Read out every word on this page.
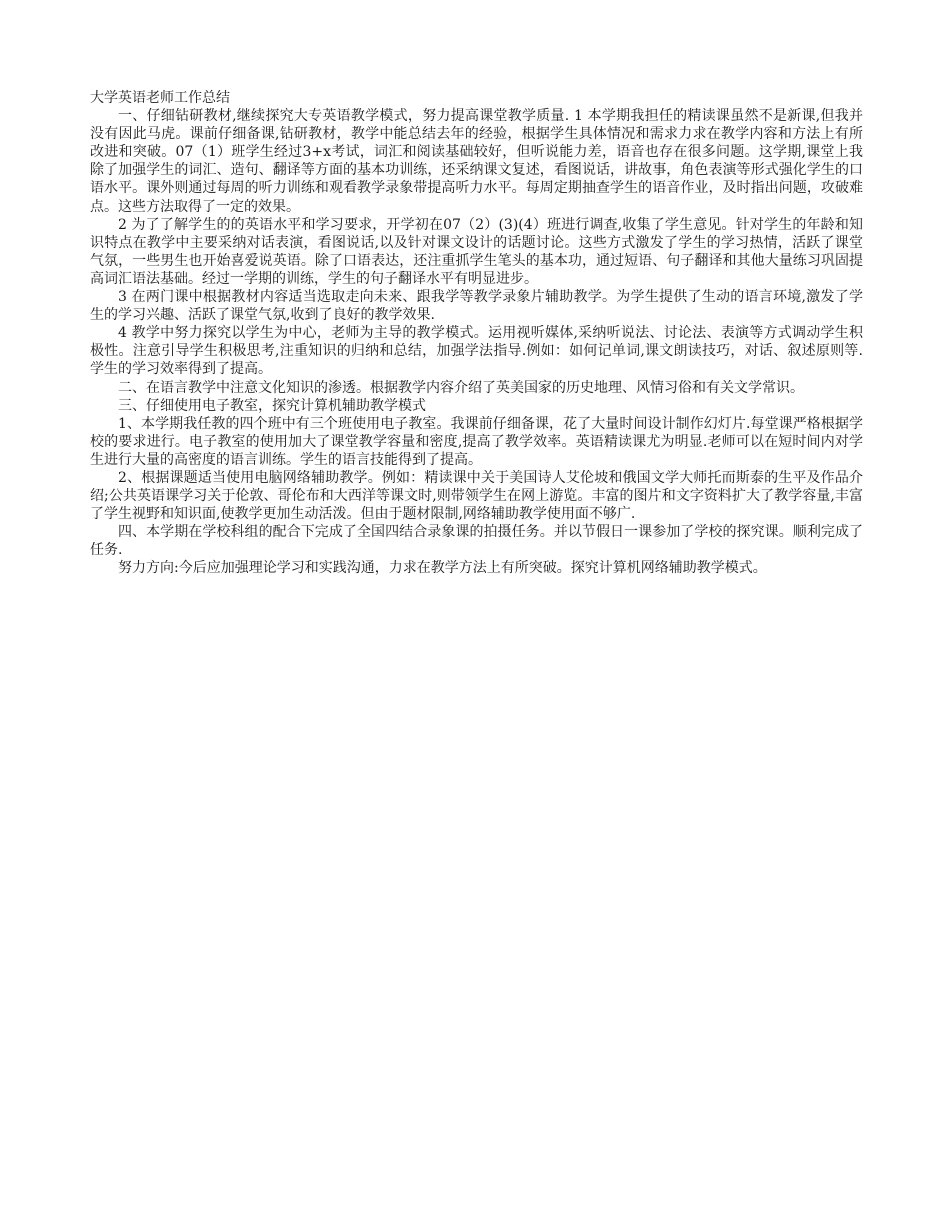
大学英语老师工作总结

一、仔细钻研教材,继续探究大专英语教学模式，努力提高课堂教学质量. 1 本学期我担任的精读课虽然不是新课,但我并没有因此马虎。课前仔细备课,钻研教材，教学中能总结去年的经验，根据学生具体情况和需求力求在教学内容和方法上有所改进和突破。07（1）班学生经过3+x考试，词汇和阅读基础较好，但听说能力差，语音也存在很多问题。这学期,课堂上我除了加强学生的词汇、造句、翻译等方面的基本功训练，还采纳课文复述，看图说话，讲故事，角色表演等形式强化学生的口语水平。课外则通过每周的听力训练和观看教学录象带提高听力水平。每周定期抽查学生的语音作业，及时指出问题，攻破难点。这些方法取得了一定的效果。

2 为了了解学生的的英语水平和学习要求，开学初在07（2）(3)(4）班进行调查,收集了学生意见。针对学生的年龄和知识特点在教学中主要采纳对话表演，看图说话,以及针对课文设计的话题讨论。这些方式激发了学生的学习热情，活跃了课堂气氛，一些男生也开始喜爱说英语。除了口语表达，还注重抓学生笔头的基本功，通过短语、句子翻译和其他大量练习巩固提高词汇语法基础。经过一学期的训练，学生的句子翻译水平有明显进步。

3 在两门课中根据教材内容适当选取走向未来、跟我学等教学录象片辅助教学。为学生提供了生动的语言环境,激发了学生的学习兴趣、活跃了课堂气氛,收到了良好的教学效果.

4 教学中努力探究以学生为中心，老师为主导的教学模式。运用视听媒体,采纳听说法、讨论法、表演等方式调动学生积极性。注意引导学生积极思考,注重知识的归纳和总结，加强学法指导.例如：如何记单词,课文朗读技巧，对话、叙述原则等.学生的学习效率得到了提高。

二、在语言教学中注意文化知识的渗透。根据教学内容介绍了英美国家的历史地理、风情习俗和有关文学常识。

三、仔细使用电子教室，探究计算机辅助教学模式

1、本学期我任教的四个班中有三个班使用电子教室。我课前仔细备课，花了大量时间设计制作幻灯片.每堂课严格根据学校的要求进行。电子教室的使用加大了课堂教学容量和密度,提高了教学效率。英语精读课尤为明显.老师可以在短时间内对学生进行大量的高密度的语言训练。学生的语言技能得到了提高。

2、根据课题适当使用电脑网络辅助教学。例如：精读课中关于美国诗人艾伦坡和俄国文学大师托而斯泰的生平及作品介绍;公共英语课学习关于伦敦、哥伦布和大西洋等课文时,则带领学生在网上游览。丰富的图片和文字资料扩大了教学容量,丰富了学生视野和知识面,使教学更加生动活泼。但由于题材限制,网络辅助教学使用面不够广.

四、本学期在学校科组的配合下完成了全国四结合录象课的拍摄任务。并以节假日一课参加了学校的探究课。顺利完成了任务.

努力方向:今后应加强理论学习和实践沟通，力求在教学方法上有所突破。探究计算机网络辅助教学模式。
